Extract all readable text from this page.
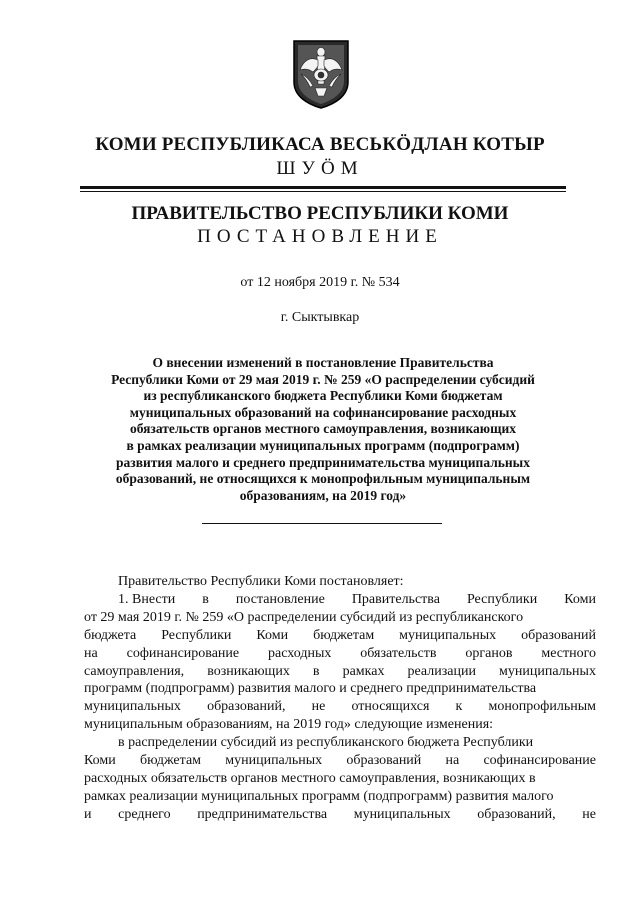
КОМИ РЕСПУБЛИКАСА ВЕСЬКӦДЛАН КОТЫР
ШУӦМ
ПРАВИТЕЛЬСТВО РЕСПУБЛИКИ КОМИ
ПОСТАНОВЛЕНИЕ
от 12 ноября 2019 г. № 534
г. Сыктывкар
О внесении изменений в постановление Правительства
Республики Коми от 29 мая 2019 г. № 259 «О распределении субсидий
из республиканского бюджета Республики Коми бюджетам
муниципальных образований на софинансирование расходных
обязательств органов местного самоуправления, возникающих
в рамках реализации муниципальных программ (подпрограмм)
развития малого и среднего предпринимательства муниципальных
образований, не относящихся к монопрофильным муниципальным
образованиям, на 2019 год»
Правительство Республики Коми постановляет:
1. Внести в постановление Правительства Республики Коми
от 29 мая 2019 г. № 259 «О распределении субсидий из республиканского
бюджета Республики Коми бюджетам муниципальных образований
на софинансирование расходных обязательств органов местного
самоуправления, возникающих в рамках реализации муниципальных
программ (подпрограмм) развития малого и среднего предпринимательства
муниципальных образований, не относящихся к монопрофильным
муниципальным образованиям, на 2019 год» следующие изменения:
в распределении субсидий из республиканского бюджета Республики
Коми бюджетам муниципальных образований на софинансирование
расходных обязательств органов местного самоуправления, возникающих в
рамках реализации муниципальных программ (подпрограмм) развития малого
и среднего предпринимательства муниципальных образований, не
